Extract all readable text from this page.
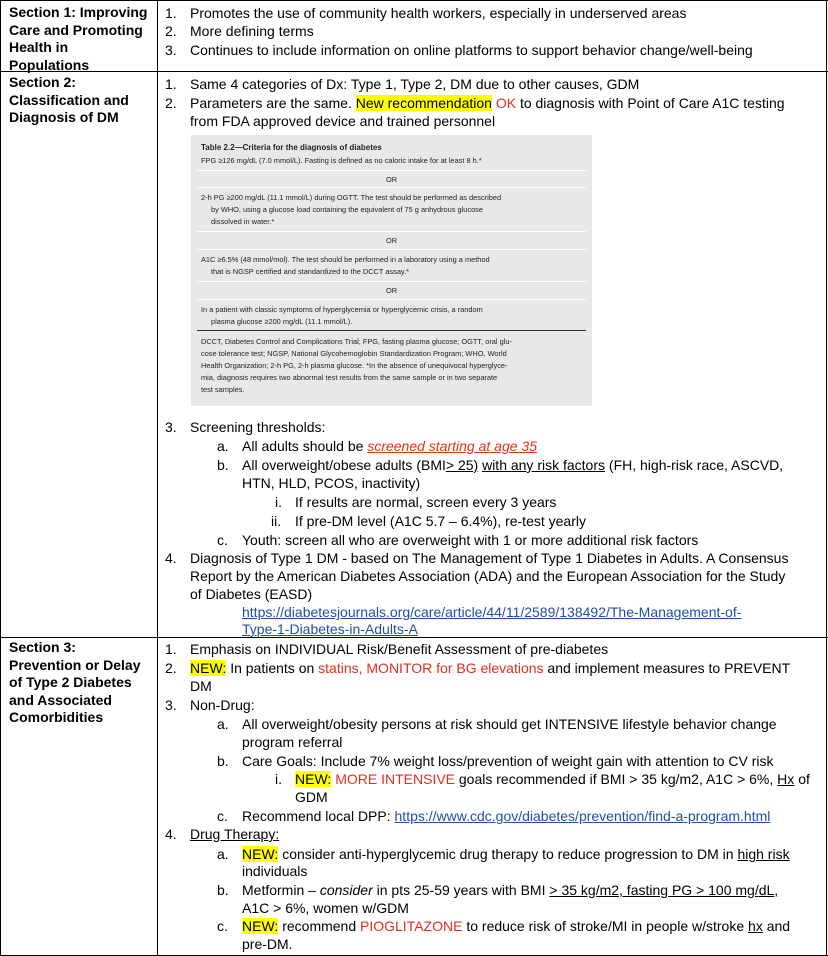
Section 1: Improving Care and Promoting Health in Populations
Section 2: Classification and Diagnosis of DM
Section 3: Prevention or Delay of Type 2 Diabetes and Associated Comorbidities
1. Promotes the use of community health workers, especially in underserved areas
2. More defining terms
3. Continues to include information on online platforms to support behavior change/well-being
1. Same 4 categories of Dx: Type 1, Type 2, DM due to other causes, GDM
2. Parameters are the same. New recommendation OK to diagnosis with Point of Care A1C testing
from FDA approved device and trained personnel
Table 2.2—Criteria for the diagnosis of diabetes
FPG ≥126 mg/dL (7.0 mmol/L). Fasting is defined as no caloric intake for at least 8 h.*
OR
2-h PG ≥200 mg/dL (11.1 mmol/L) during OGTT. The test should be performed as described
by WHO, using a glucose load containing the equivalent of 75 g anhydrous glucose
dissolved in water.*
OR
A1C ≥6.5% (48 mmol/mol). The test should be performed in a laboratory using a method
that is NGSP certified and standardized to the DCCT assay.*
OR
In a patient with classic symptoms of hyperglycemia or hyperglycemic crisis, a random
plasma glucose ≥200 mg/dL (11.1 mmol/L).
DCCT, Diabetes Control and Complications Trial; FPG, fasting plasma glucose; OGTT, oral glu-
cose tolerance test; NGSP, National Glycohemoglobin Standardization Program; WHO, World
Health Organization; 2-h PG, 2-h plasma glucose. *In the absence of unequivocal hyperglyce-
mia, diagnosis requires two abnormal test results from the same sample or in two separate
test samples.
3. Screening thresholds:
a. All adults should be screened starting at age 35
b. All overweight/obese adults (BMI> 25) with any risk factors (FH, high-risk race, ASCVD,
HTN, HLD, PCOS, inactivity)
i. If results are normal, screen every 3 years
ii. If pre-DM level (A1C 5.7 – 6.4%), re-test yearly
c. Youth: screen all who are overweight with 1 or more additional risk factors
4. Diagnosis of Type 1 DM - based on The Management of Type 1 Diabetes in Adults. A Consensus
Report by the American Diabetes Association (ADA) and the European Association for the Study
of Diabetes (EASD)
https://diabetesjournals.org/care/article/44/11/2589/138492/The-Management-of-
Type-1-Diabetes-in-Adults-A
1. Emphasis on INDIVIDUAL Risk/Benefit Assessment of pre-diabetes
2. NEW: In patients on statins, MONITOR for BG elevations and implement measures to PREVENT
DM
3. Non-Drug:
a. All overweight/obesity persons at risk should get INTENSIVE lifestyle behavior change
program referral
b. Care Goals: Include 7% weight loss/prevention of weight gain with attention to CV risk
i. NEW: MORE INTENSIVE goals recommended if BMI > 35 kg/m2, A1C > 6%, Hx of
GDM
c. Recommend local DPP: https://www.cdc.gov/diabetes/prevention/find-a-program.html
4. Drug Therapy:
a. NEW: consider anti-hyperglycemic drug therapy to reduce progression to DM in high risk
individuals
b. Metformin – consider in pts 25-59 years with BMI > 35 kg/m2, fasting PG > 100 mg/dL,
A1C > 6%, women w/GDM
c. NEW: recommend PIOGLITAZONE to reduce risk of stroke/MI in people w/stroke hx and
pre-DM.
